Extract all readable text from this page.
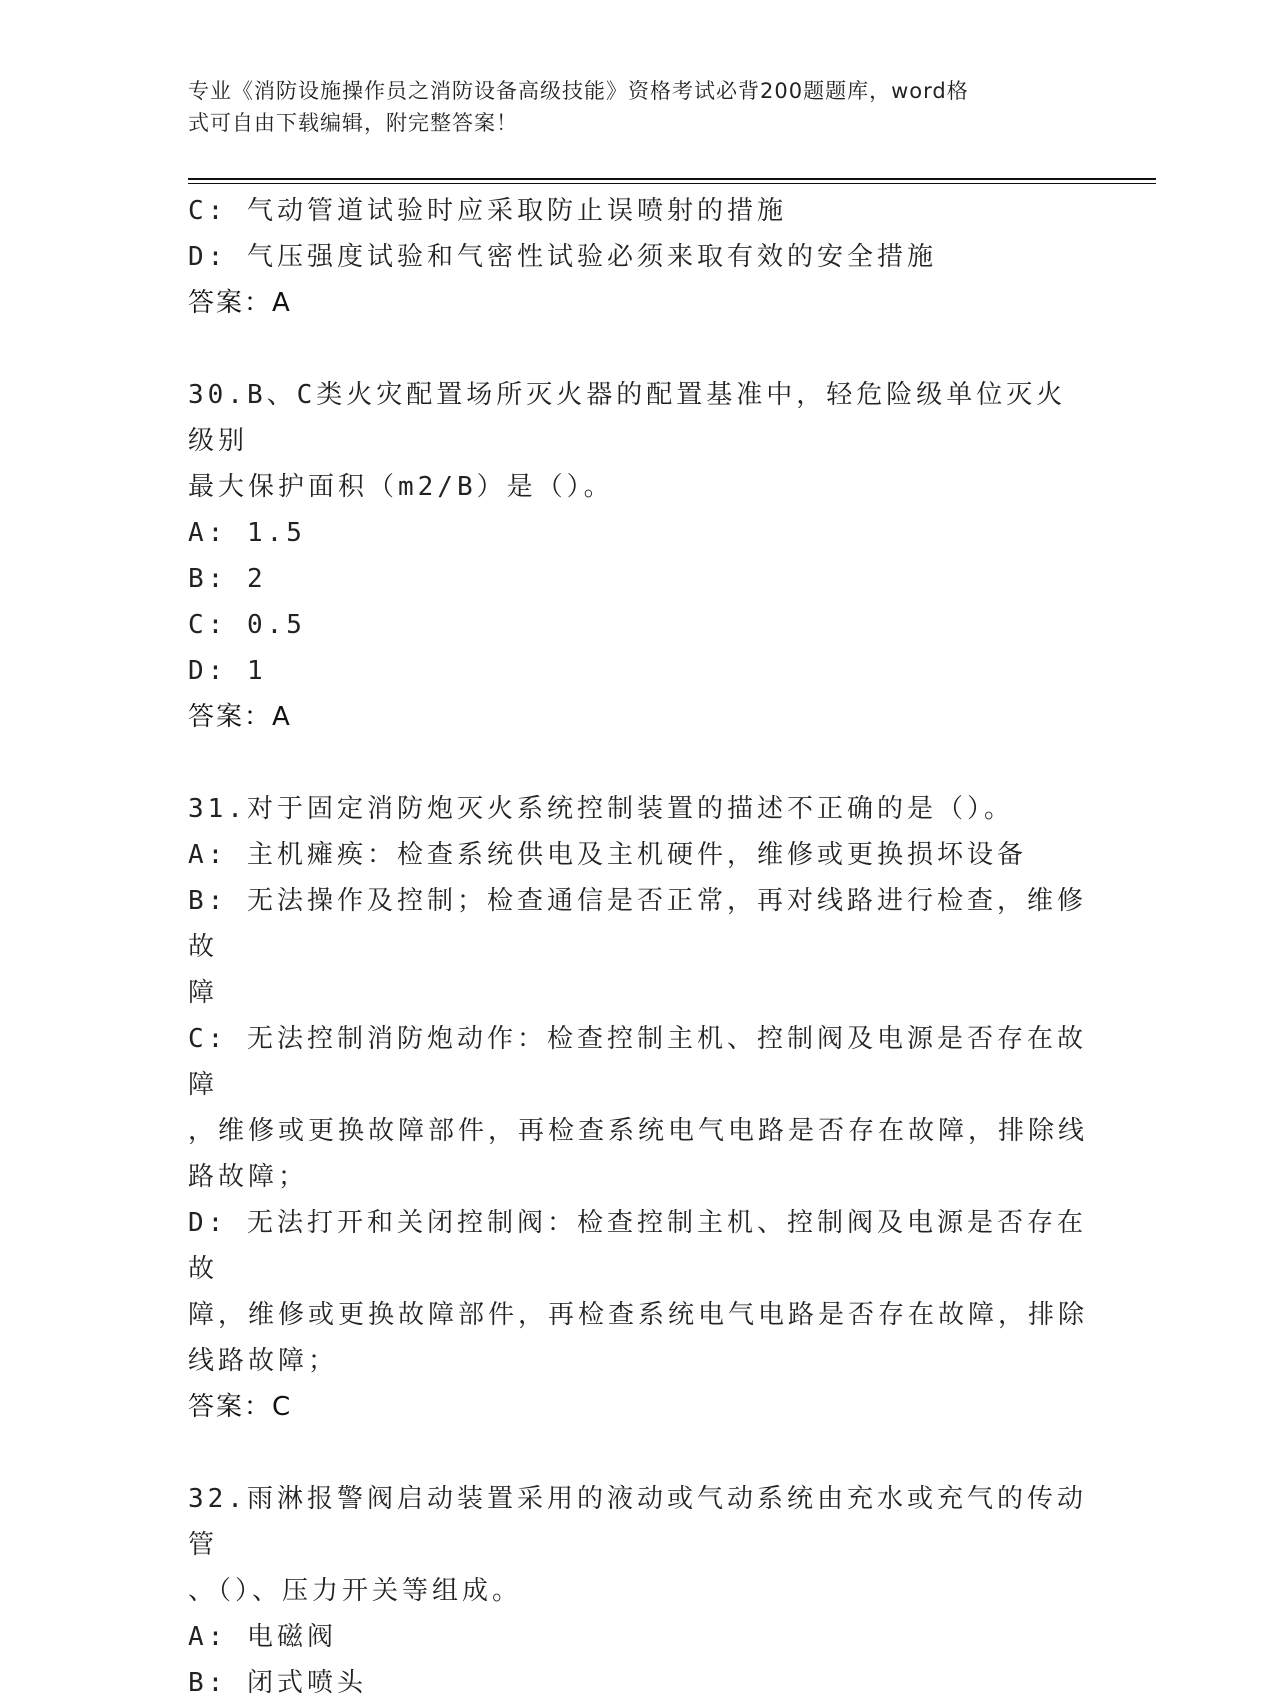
专业《消防设施操作员之消防设备高级技能》资格考试必背200题题库，word格
式可自由下载编辑，附完整答案！
C: 气动管道试验时应采取防止误喷射的措施
D: 气压强度试验和气密性试验必须来取有效的安全措施
答案：A
30.B、C类火灾配置场所灭火器的配置基准中，轻危险级单位灭火级别
最大保护面积（m2/B）是（）。
A: 1.5
B: 2
C: 0.5
D: 1
答案：A
31.对于固定消防炮灭火系统控制装置的描述不正确的是（）。
A: 主机瘫痪：检查系统供电及主机硬件，维修或更换损坏设备
B: 无法操作及控制；检查通信是否正常，再对线路进行检查，维修故
障
C: 无法控制消防炮动作：检查控制主机、控制阀及电源是否存在故障
，维修或更换故障部件，再检查系统电气电路是否存在故障，排除线
路故障；
D: 无法打开和关闭控制阀：检查控制主机、控制阀及电源是否存在故
障，维修或更换故障部件，再检查系统电气电路是否存在故障，排除
线路故障；
答案：C
32.雨淋报警阀启动装置采用的液动或气动系统由充水或充气的传动管
、（）、压力开关等组成。
A: 电磁阀
B: 闭式喷头
